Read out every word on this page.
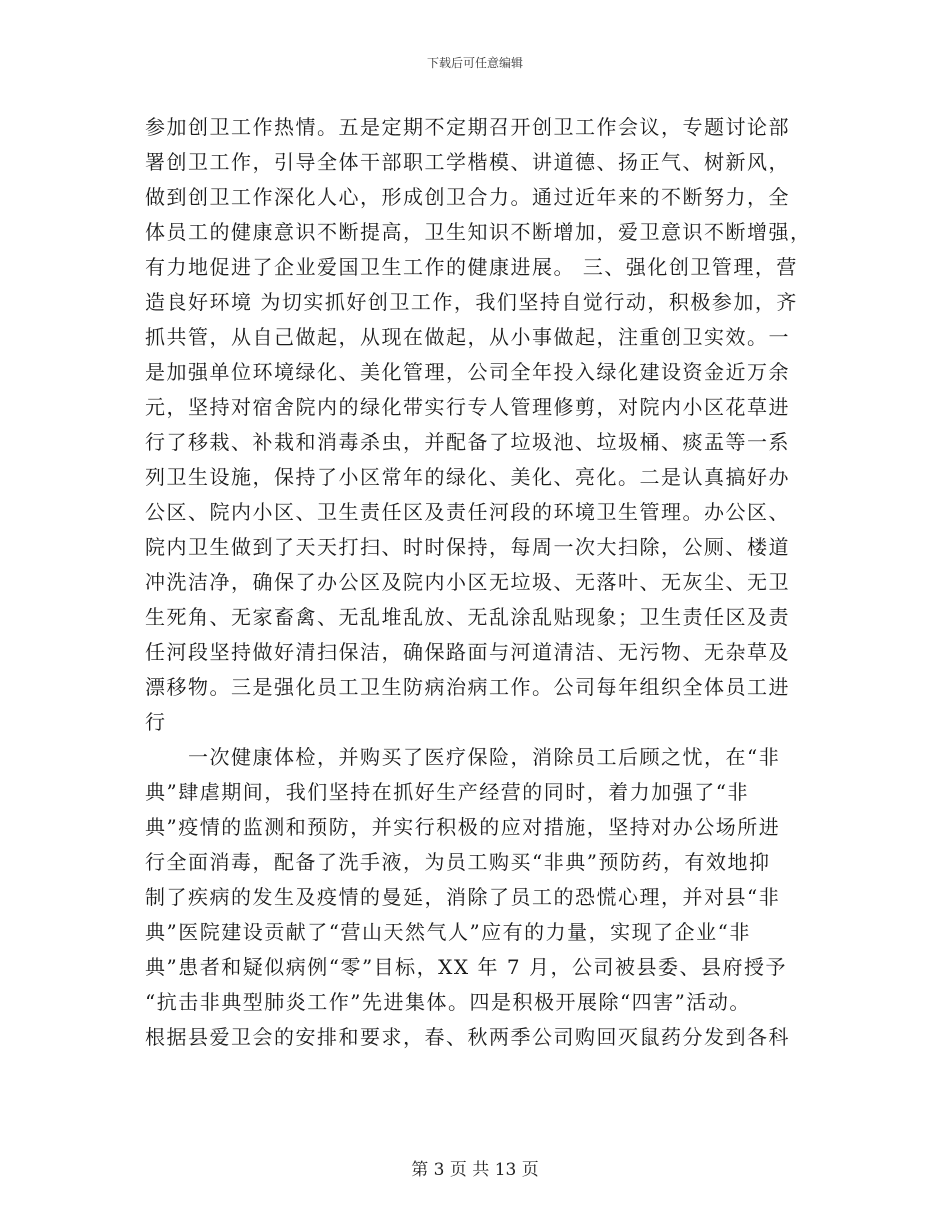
下载后可任意编辑
参加创卫工作热情。五是定期不定期召开创卫工作会议，专题讨论部
署创卫工作，引导全体干部职工学楷模、讲道德、扬正气、树新风，
做到创卫工作深化人心，形成创卫合力。通过近年来的不断努力，全
体员工的健康意识不断提高，卫生知识不断增加，爱卫意识不断增强，
有力地促进了企业爱国卫生工作的健康进展。 三、强化创卫管理，营
造良好环境 为切实抓好创卫工作，我们坚持自觉行动，积极参加，齐
抓共管，从自己做起，从现在做起，从小事做起，注重创卫实效。一
是加强单位环境绿化、美化管理，公司全年投入绿化建设资金近万余
元，坚持对宿舍院内的绿化带实行专人管理修剪，对院内小区花草进
行了移栽、补栽和消毒杀虫，并配备了垃圾池、垃圾桶、痰盂等一系
列卫生设施，保持了小区常年的绿化、美化、亮化。二是认真搞好办
公区、院内小区、卫生责任区及责任河段的环境卫生管理。办公区、
院内卫生做到了天天打扫、时时保持，每周一次大扫除，公厕、楼道
冲洗洁净，确保了办公区及院内小区无垃圾、无落叶、无灰尘、无卫
生死角、无家畜禽、无乱堆乱放、无乱涂乱贴现象；卫生责任区及责
任河段坚持做好清扫保洁，确保路面与河道清洁、无污物、无杂草及
漂移物。三是强化员工卫生防病治病工作。公司每年组织全体员工进
行
　　一次健康体检，并购买了医疗保险，消除员工后顾之忧，在“非
典”肆虐期间，我们坚持在抓好生产经营的同时，着力加强了“非
典”疫情的监测和预防，并实行积极的应对措施，坚持对办公场所进
行全面消毒，配备了洗手液，为员工购买“非典”预防药，有效地抑
制了疾病的发生及疫情的曼延，消除了员工的恐慌心理，并对县“非
典”医院建设贡献了“营山天然气人”应有的力量，实现了企业“非
典”患者和疑似病例“零”目标，XX 年 7 月，公司被县委、县府授予
“抗击非典型肺炎工作”先进集体。四是积极开展除“四害”活动。
根据县爱卫会的安排和要求，春、秋两季公司购回灭鼠药分发到各科
第 3 页 共 13 页
